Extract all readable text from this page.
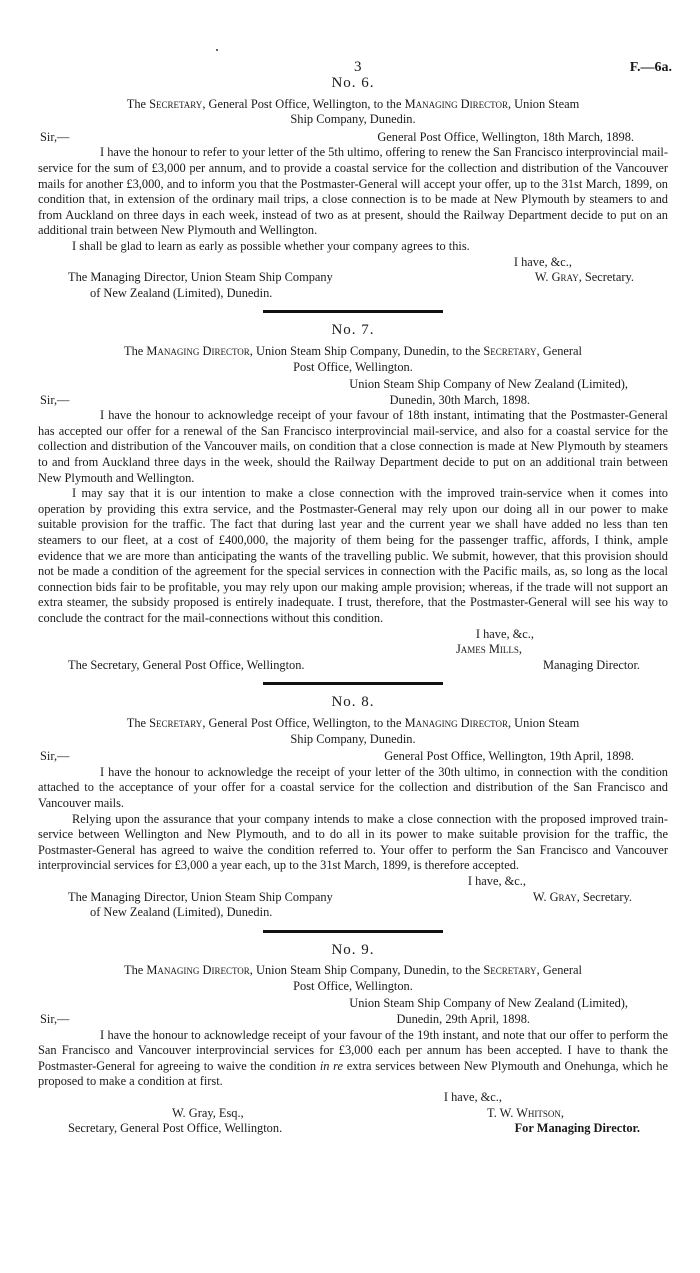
3	F.—6a.
No. 6.
The Secretary, General Post Office, Wellington, to the Managing Director, Union Steam
Ship Company, Dunedin.
Sir,—	General Post Office, Wellington, 18th March, 1898.

I have the honour to refer to your letter of the 5th ultimo, offering to renew the San Francisco interprovincial mail-service for the sum of £3,000 per annum, and to provide a coastal service for the collection and distribution of the Vancouver mails for another £3,000, and to inform you that the Postmaster-General will accept your offer, up to the 31st March, 1899, on condition that, in extension of the ordinary mail trips, a close connection is to be made at New Plymouth by steamers to and from Auckland on three days in each week, instead of two as at present, should the Railway Department decide to put on an additional train between New Plymouth and Wellington.

I shall be glad to learn as early as possible whether your company agrees to this.

I have, &c.,
The Managing Director, Union Steam Ship Company	W. Gray, Secretary.
of New Zealand (Limited), Dunedin.
No. 7.
The Managing Director, Union Steam Ship Company, Dunedin, to the Secretary, General
Post Office, Wellington.
Union Steam Ship Company of New Zealand (Limited),
Sir,—	Dunedin, 30th March, 1898.

I have the honour to acknowledge receipt of your favour of 18th instant, intimating that the Postmaster-General has accepted our offer for a renewal of the San Francisco interprovincial mail-service, and also for a coastal service for the collection and distribution of the Vancouver mails, on condition that a close connection is made at New Plymouth by steamers to and from Auckland three days in the week, should the Railway Department decide to put on an additional train between New Plymouth and Wellington.

I may say that it is our intention to make a close connection with the improved train-service when it comes into operation by providing this extra service, and the Postmaster-General may rely upon our doing all in our power to make suitable provision for the traffic. The fact that during last year and the current year we shall have added no less than ten steamers to our fleet, at a cost of £400,000, the majority of them being for the passenger traffic, affords, I think, ample evidence that we are more than anticipating the wants of the travelling public. We submit, however, that this provision should not be made a condition of the agreement for the special services in connection with the Pacific mails, as, so long as the local connection bids fair to be profitable, you may rely upon our making ample provision; whereas, if the trade will not support an extra steamer, the subsidy proposed is entirely inadequate. I trust, therefore, that the Postmaster-General will see his way to conclude the contract for the mail-connections without this condition.

I have, &c.,
James Mills,
The Secretary, General Post Office, Wellington.	Managing Director.
No. 8.
The Secretary, General Post Office, Wellington, to the Managing Director, Union Steam
Ship Company, Dunedin.
Sir,—	General Post Office, Wellington, 19th April, 1898.

I have the honour to acknowledge the receipt of your letter of the 30th ultimo, in connection with the condition attached to the acceptance of your offer for a coastal service for the collection and distribution of the San Francisco and Vancouver mails.

Relying upon the assurance that your company intends to make a close connection with the proposed improved train-service between Wellington and New Plymouth, and to do all in its power to make suitable provision for the traffic, the Postmaster-General has agreed to waive the condition referred to. Your offer to perform the San Francisco and Vancouver interprovincial services for £3,000 a year each, up to the 31st March, 1899, is therefore accepted.

I have, &c.,
The Managing Director, Union Steam Ship Company	W. Gray, Secretary.
of New Zealand (Limited), Dunedin.
No. 9.
The Managing Director, Union Steam Ship Company, Dunedin, to the Secretary, General
Post Office, Wellington.
Union Steam Ship Company of New Zealand (Limited),
Sir,—	Dunedin, 29th April, 1898.

I have the honour to acknowledge receipt of your favour of the 19th instant, and note that our offer to perform the San Francisco and Vancouver interprovincial services for £3,000 each per annum has been accepted. I have to thank the Postmaster-General for agreeing to waive the condition in re extra services between New Plymouth and Onehunga, which he proposed to make a condition at first.

I have, &c.,
W. Gray, Esq.,	T. W. Whitson,
Secretary, General Post Office, Wellington.	For Managing Director.
